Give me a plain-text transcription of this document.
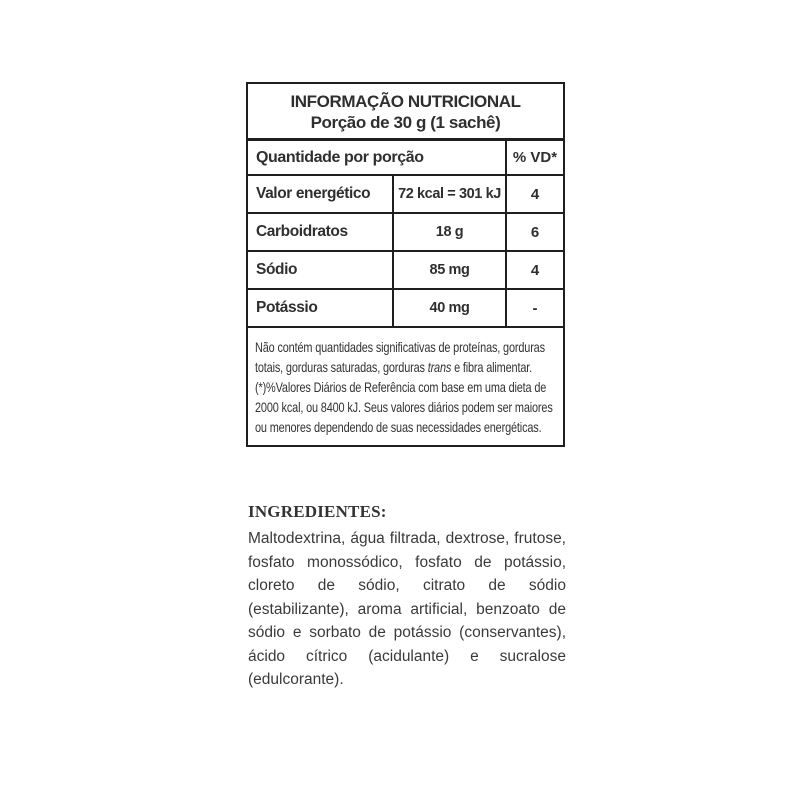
INFORMAÇÃO NUTRICIONAL
Porção de 30 g (1 sachê)
Quantidade por porção	% VD*
Valor energético	72 kcal = 301 kJ	4
Carboidratos	18 g	6
Sódio	85 mg	4
Potássio	40 mg	-

Não contém quantidades significativas de proteínas, gorduras totais, gorduras saturadas, gorduras trans e fibra alimentar. (*)%Valores Diários de Referência com base em uma dieta de 2000 kcal, ou 8400 kJ. Seus valores diários podem ser maiores ou menores dependendo de suas necessidades energéticas.

INGREDIENTES:

Maltodextrina, água filtrada, dextrose, frutose, fosfato monossódico, fosfato de potássio, cloreto de sódio, citrato de sódio (estabilizante), aroma artificial, benzoato de sódio e sorbato de potássio (conservantes), ácido cítrico (acidulante) e sucralose (edulcorante).
